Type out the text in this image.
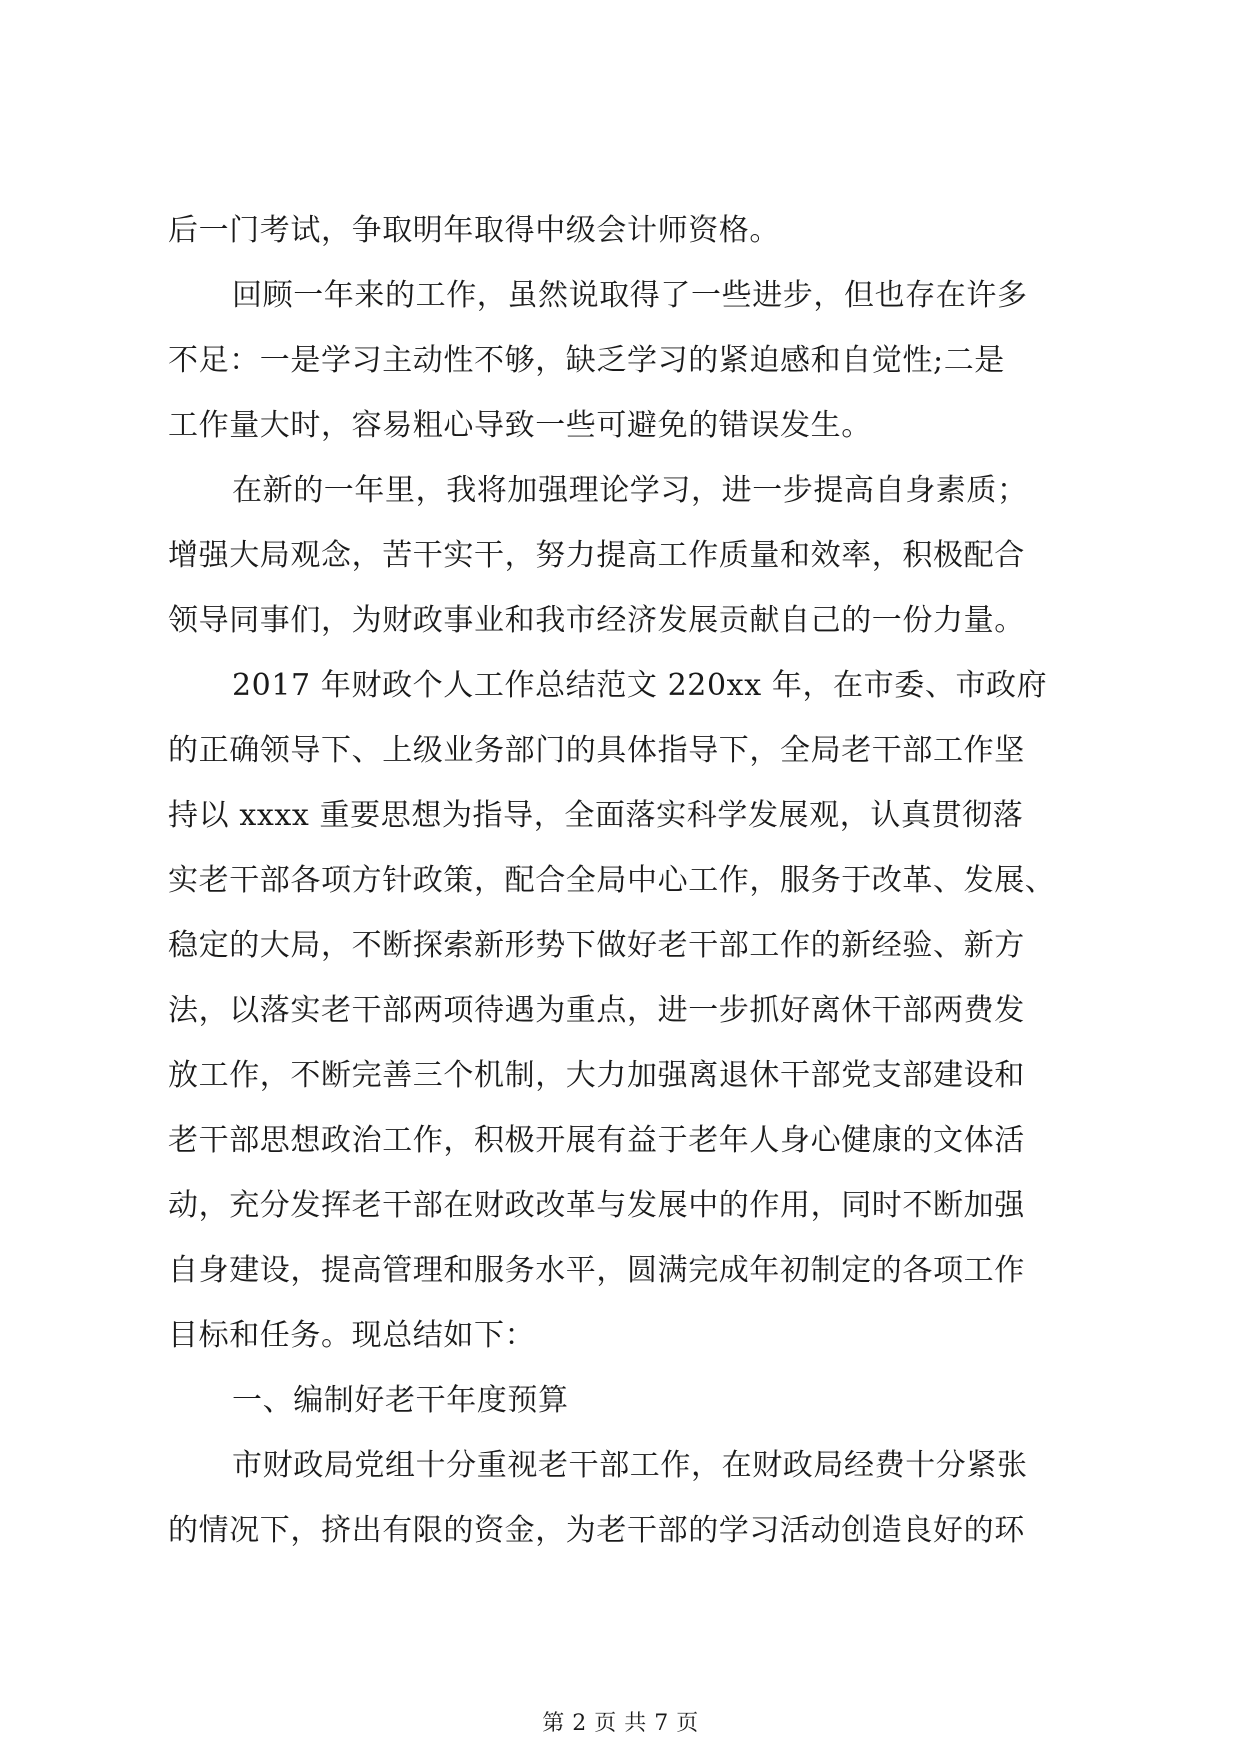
后一门考试，争取明年取得中级会计师资格。
回顾一年来的工作，虽然说取得了一些进步，但也存在许多
不足：一是学习主动性不够，缺乏学习的紧迫感和自觉性;二是
工作量大时，容易粗心导致一些可避免的错误发生。
在新的一年里，我将加强理论学习，进一步提高自身素质；
增强大局观念，苦干实干，努力提高工作质量和效率，积极配合
领导同事们，为财政事业和我市经济发展贡献自己的一份力量。
2017 年财政个人工作总结范文 220xx 年，在市委、市政府
的正确领导下、上级业务部门的具体指导下，全局老干部工作坚
持以 xxxx 重要思想为指导，全面落实科学发展观，认真贯彻落
实老干部各项方针政策，配合全局中心工作，服务于改革、发展、
稳定的大局，不断探索新形势下做好老干部工作的新经验、新方
法，以落实老干部两项待遇为重点，进一步抓好离休干部两费发
放工作，不断完善三个机制，大力加强离退休干部党支部建设和
老干部思想政治工作，积极开展有益于老年人身心健康的文体活
动，充分发挥老干部在财政改革与发展中的作用，同时不断加强
自身建设，提高管理和服务水平，圆满完成年初制定的各项工作
目标和任务。现总结如下：
一、编制好老干年度预算
市财政局党组十分重视老干部工作，在财政局经费十分紧张
的情况下，挤出有限的资金，为老干部的学习活动创造良好的环
第 2 页 共 7 页
